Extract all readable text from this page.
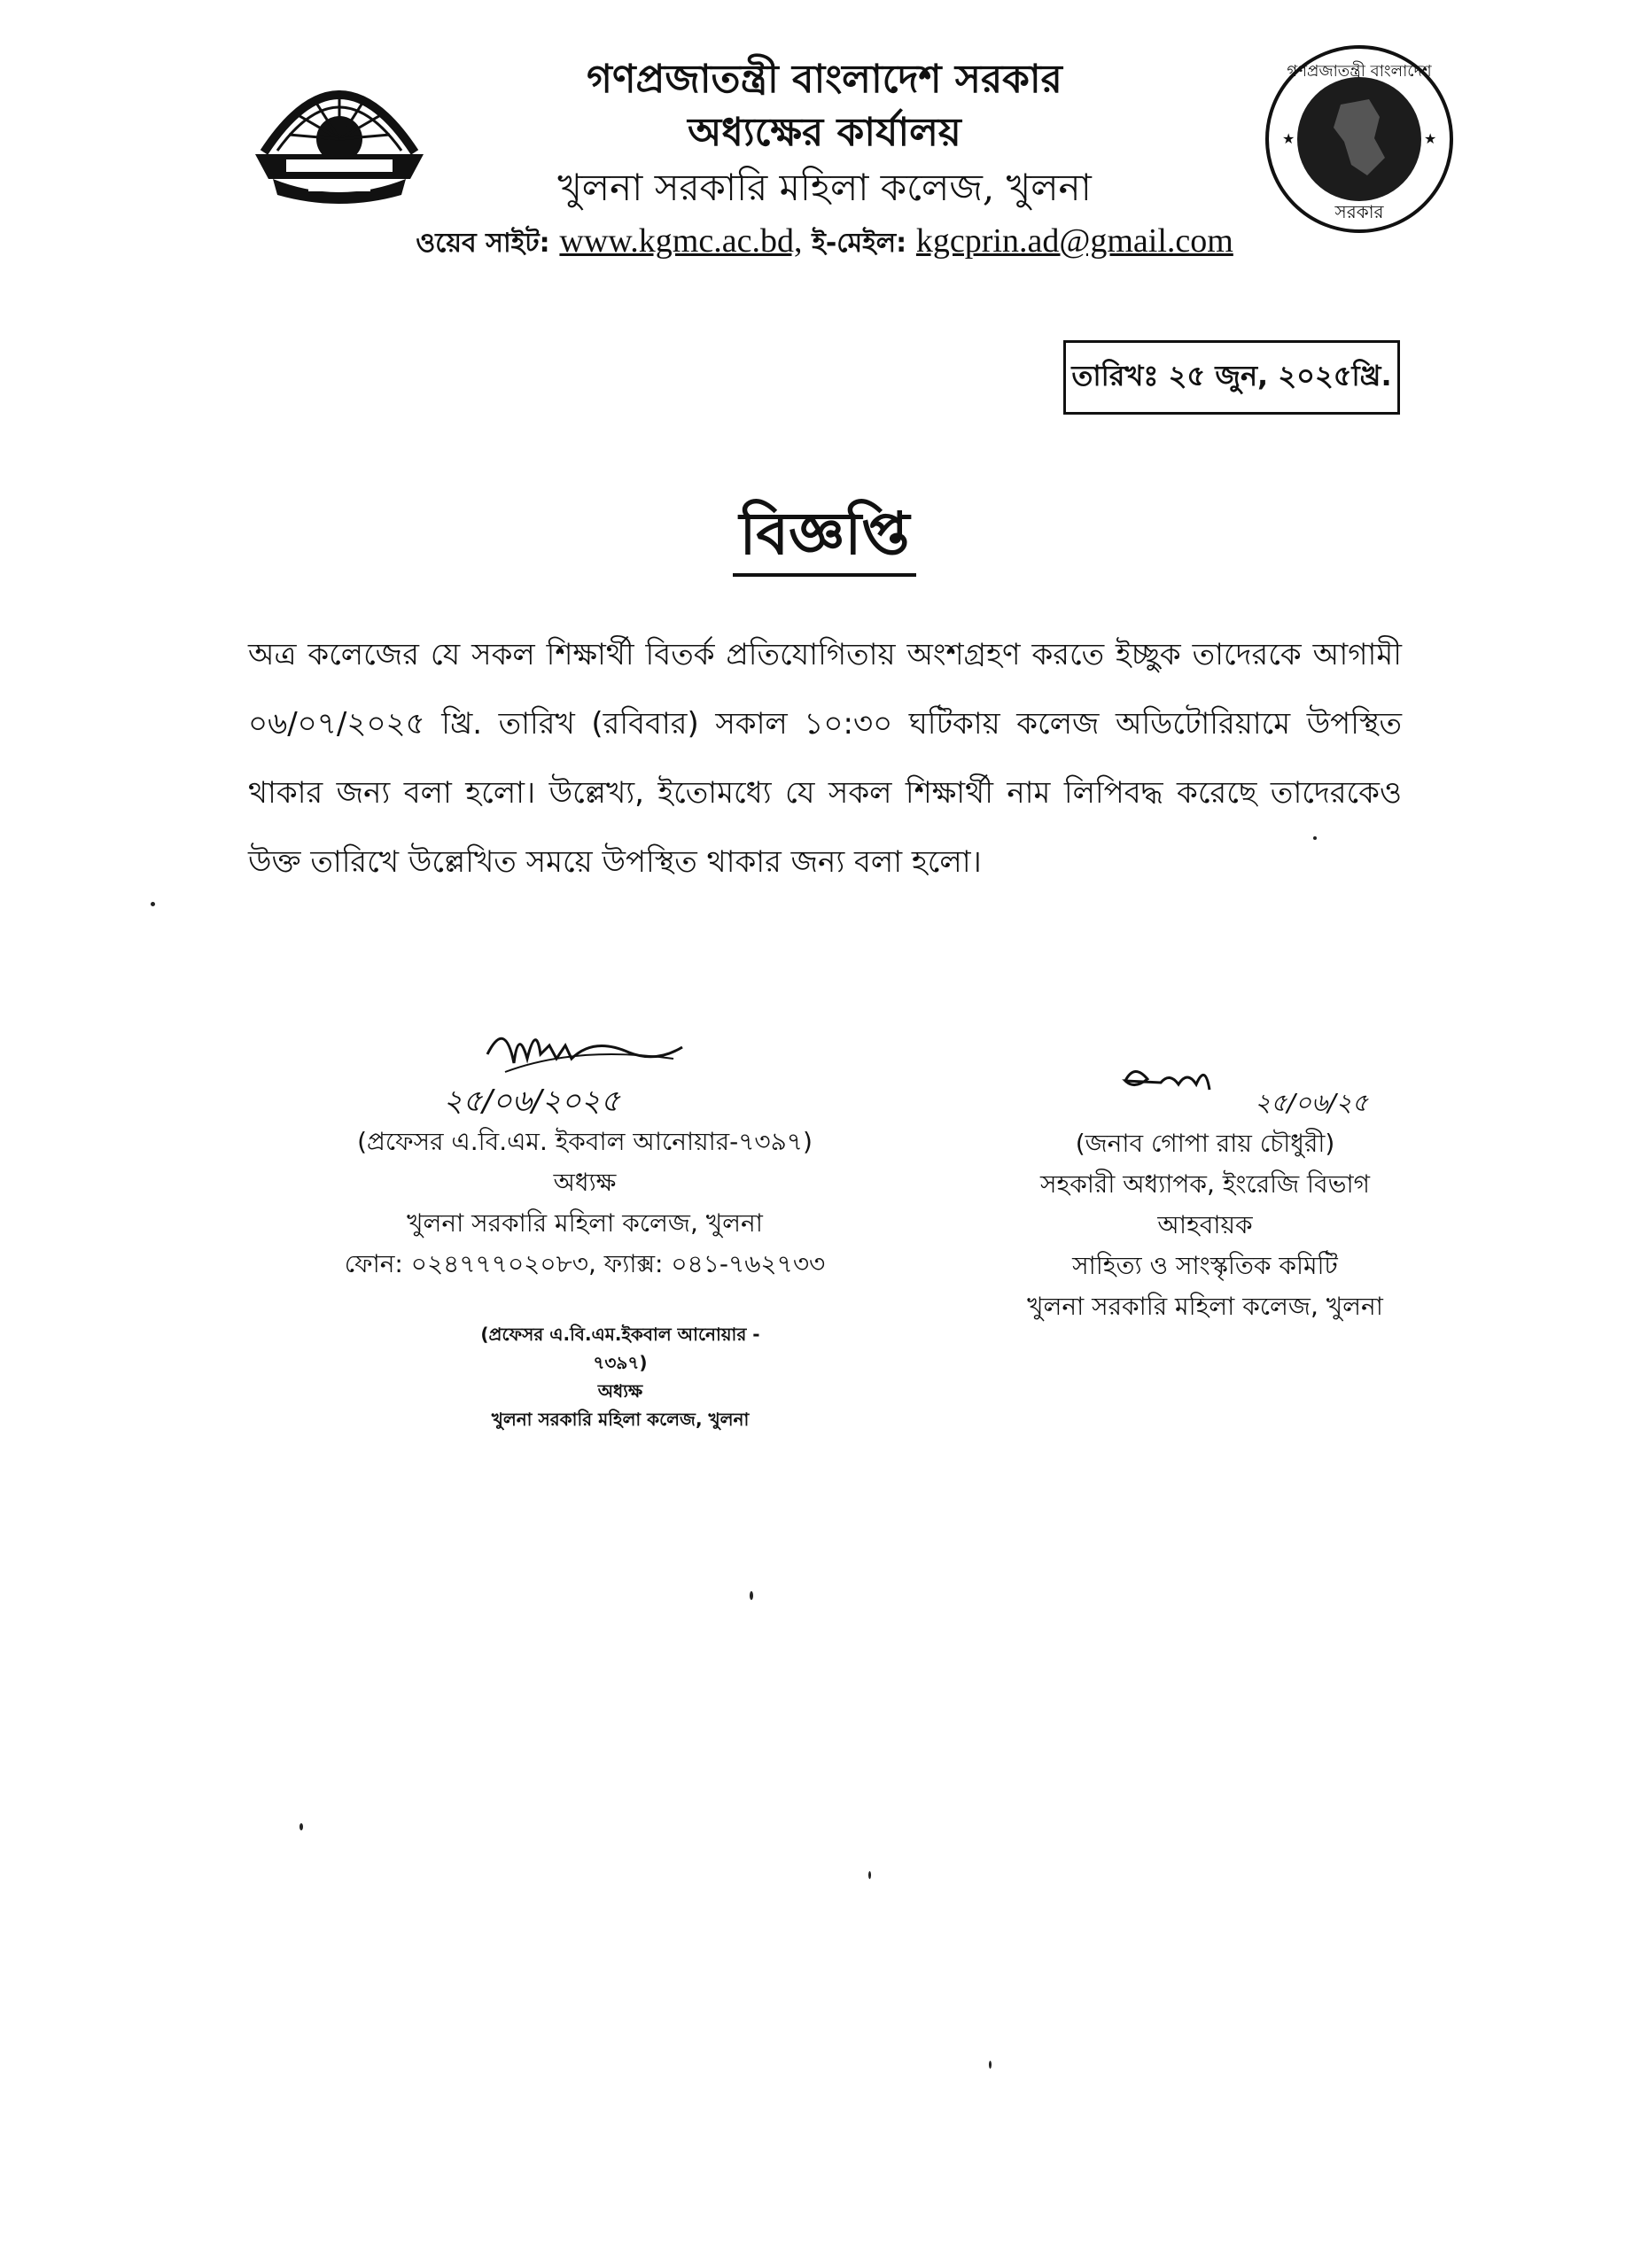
গণপ্রজাতন্ত্রী বাংলাদেশ
সরকার
★	★
গণপ্রজাতন্ত্রী বাংলাদেশ সরকার
অধ্যক্ষের কার্যালয়
খুলনা সরকারি মহিলা কলেজ, খুলনা
ওয়েব সাইট: www.kgmc.ac.bd, ই-মেইল: kgcprin.ad@gmail.com
তারিখঃ ২৫ জুন, ২০২৫খ্রি.
বিজ্ঞপ্তি
অত্র কলেজের যে সকল শিক্ষার্থী বিতর্ক প্রতিযোগিতায় অংশগ্রহণ করতে ইচ্ছুক তাদেরকে আগামী ০৬/০৭/২০২৫ খ্রি. তারিখ (রবিবার) সকাল ১০:৩০ ঘটিকায় কলেজ অডিটোরিয়ামে উপস্থিত থাকার জন্য বলা হলো। উল্লেখ্য, ইতোমধ্যে যে সকল শিক্ষার্থী নাম লিপিবদ্ধ করেছে তাদেরকেও উক্ত তারিখে উল্লেখিত সময়ে উপস্থিত থাকার জন্য বলা হলো।
২৫/০৬/২০২৫
(প্রফেসর এ.বি.এম. ইকবাল আনোয়ার-৭৩৯৭)
অধ্যক্ষ
খুলনা সরকারি মহিলা কলেজ, খুলনা
ফোন: ০২৪৭৭৭০২০৮৩, ফ্যাক্স: ০৪১-৭৬২৭৩৩
২৫/০৬/২৫
(জনাব গোপা রায় চৌধুরী)
সহকারী অধ্যাপক, ইংরেজি বিভাগ
আহবায়ক
সাহিত্য ও সাংস্কৃতিক কমিটি
খুলনা সরকারি মহিলা কলেজ, খুলনা
(প্রফেসর এ.বি.এম.ইকবাল আনোয়ার - ৭৩৯৭)
অধ্যক্ষ
খুলনা সরকারি মহিলা কলেজ, খুলনা
